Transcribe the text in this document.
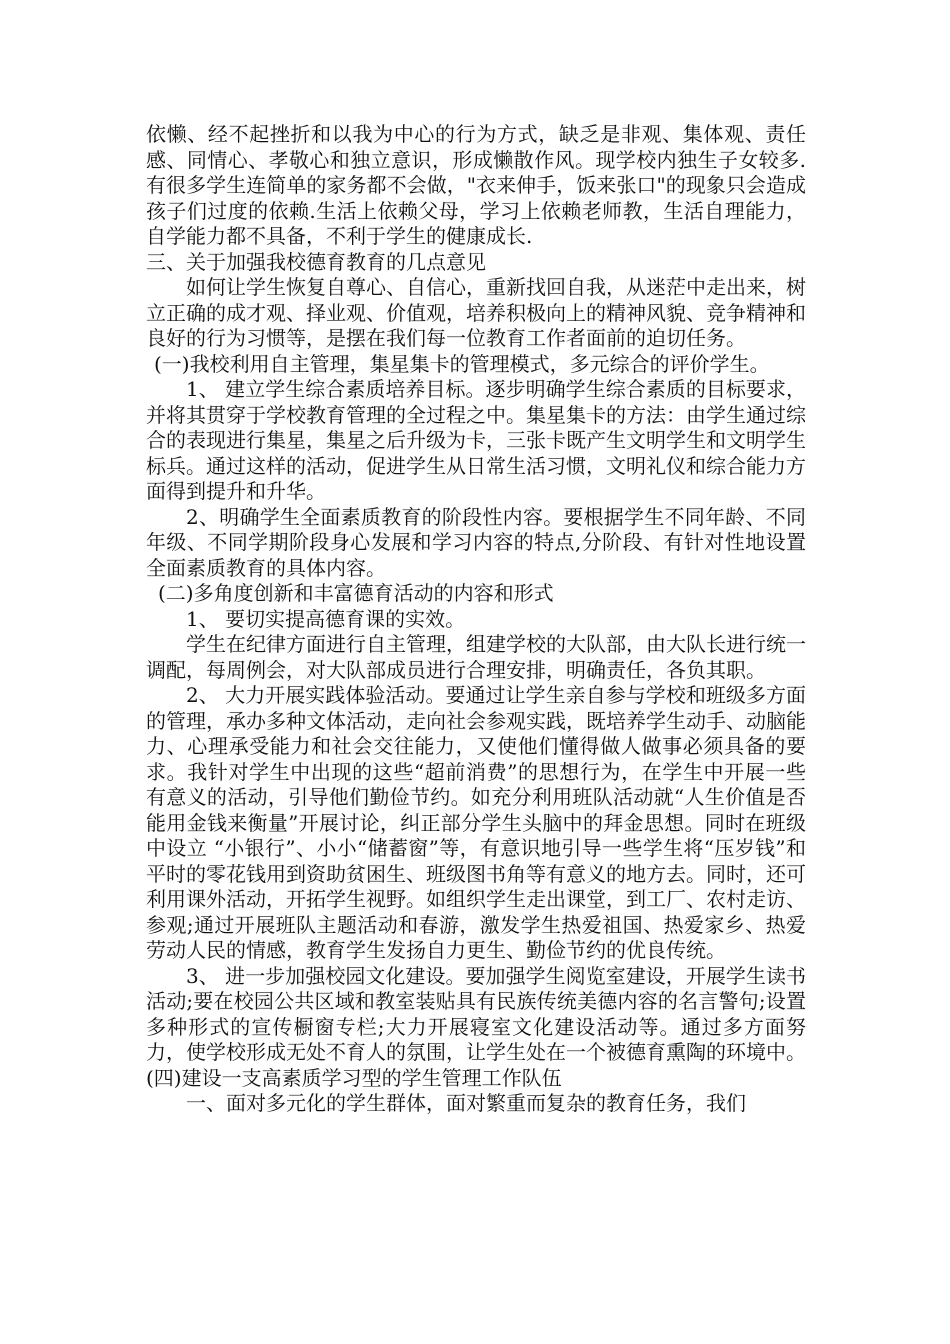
依懒、经不起挫折和以我为中心的行为方式，缺乏是非观、集体观、责任感、同情心、孝敬心和独立意识，形成懒散作风。现学校内独生子女较多.有很多学生连简单的家务都不会做，"衣来伸手，饭来张口"的现象只会造成孩子们过度的依赖.生活上依赖父母，学习上依赖老师教，生活自理能力，自学能力都不具备，不利于学生的健康成长.

三、关于加强我校德育教育的几点意见

如何让学生恢复自尊心、自信心，重新找回自我，从迷茫中走出来，树立正确的成才观、择业观、价值观，培养积极向上的精神风貌、竞争精神和良好的行为习惯等，是摆在我们每一位教育工作者面前的迫切任务。

(一)我校利用自主管理，集星集卡的管理模式，多元综合的评价学生。

1、 建立学生综合素质培养目标。逐步明确学生综合素质的目标要求，并将其贯穿于学校教育管理的全过程之中。集星集卡的方法：由学生通过综合的表现进行集星，集星之后升级为卡，三张卡既产生文明学生和文明学生标兵。通过这样的活动，促进学生从日常生活习惯，文明礼仪和综合能力方面得到提升和升华。

2、明确学生全面素质教育的阶段性内容。要根据学生不同年龄、不同年级、不同学期阶段身心发展和学习内容的特点,分阶段、有针对性地设置全面素质教育的具体内容。

(二)多角度创新和丰富德育活动的内容和形式

1、 要切实提高德育课的实效。

学生在纪律方面进行自主管理，组建学校的大队部，由大队长进行统一调配，每周例会，对大队部成员进行合理安排，明确责任，各负其职。

2、 大力开展实践体验活动。要通过让学生亲自参与学校和班级多方面的管理，承办多种文体活动，走向社会参观实践，既培养学生动手、动脑能力、心理承受能力和社会交往能力，又使他们懂得做人做事必须具备的要求。我针对学生中出现的这些“超前消费”的思想行为，在学生中开展一些有意义的活动，引导他们勤俭节约。如充分利用班队活动就“人生价值是否能用金钱来衡量”开展讨论，纠正部分学生头脑中的拜金思想。同时在班级中设立 “小银行”、小小“储蓄窗”等，有意识地引导一些学生将“压岁钱”和平时的零花钱用到资助贫困生、班级图书角等有意义的地方去。同时，还可利用课外活动，开拓学生视野。如组织学生走出课堂，到工厂、农村走访、参观;通过开展班队主题活动和春游，激发学生热爱祖国、热爱家乡、热爱劳动人民的情感，教育学生发扬自力更生、勤俭节约的优良传统。

3、 进一步加强校园文化建设。要加强学生阅览室建设，开展学生读书活动;要在校园公共区域和教室装贴具有民族传统美德内容的名言警句;设置多种形式的宣传橱窗专栏;大力开展寝室文化建设活动等。通过多方面努力，使学校形成无处不育人的氛围，让学生处在一个被德育熏陶的环境中。

(四)建设一支高素质学习型的学生管理工作队伍

一、面对多元化的学生群体，面对繁重而复杂的教育任务，我们
